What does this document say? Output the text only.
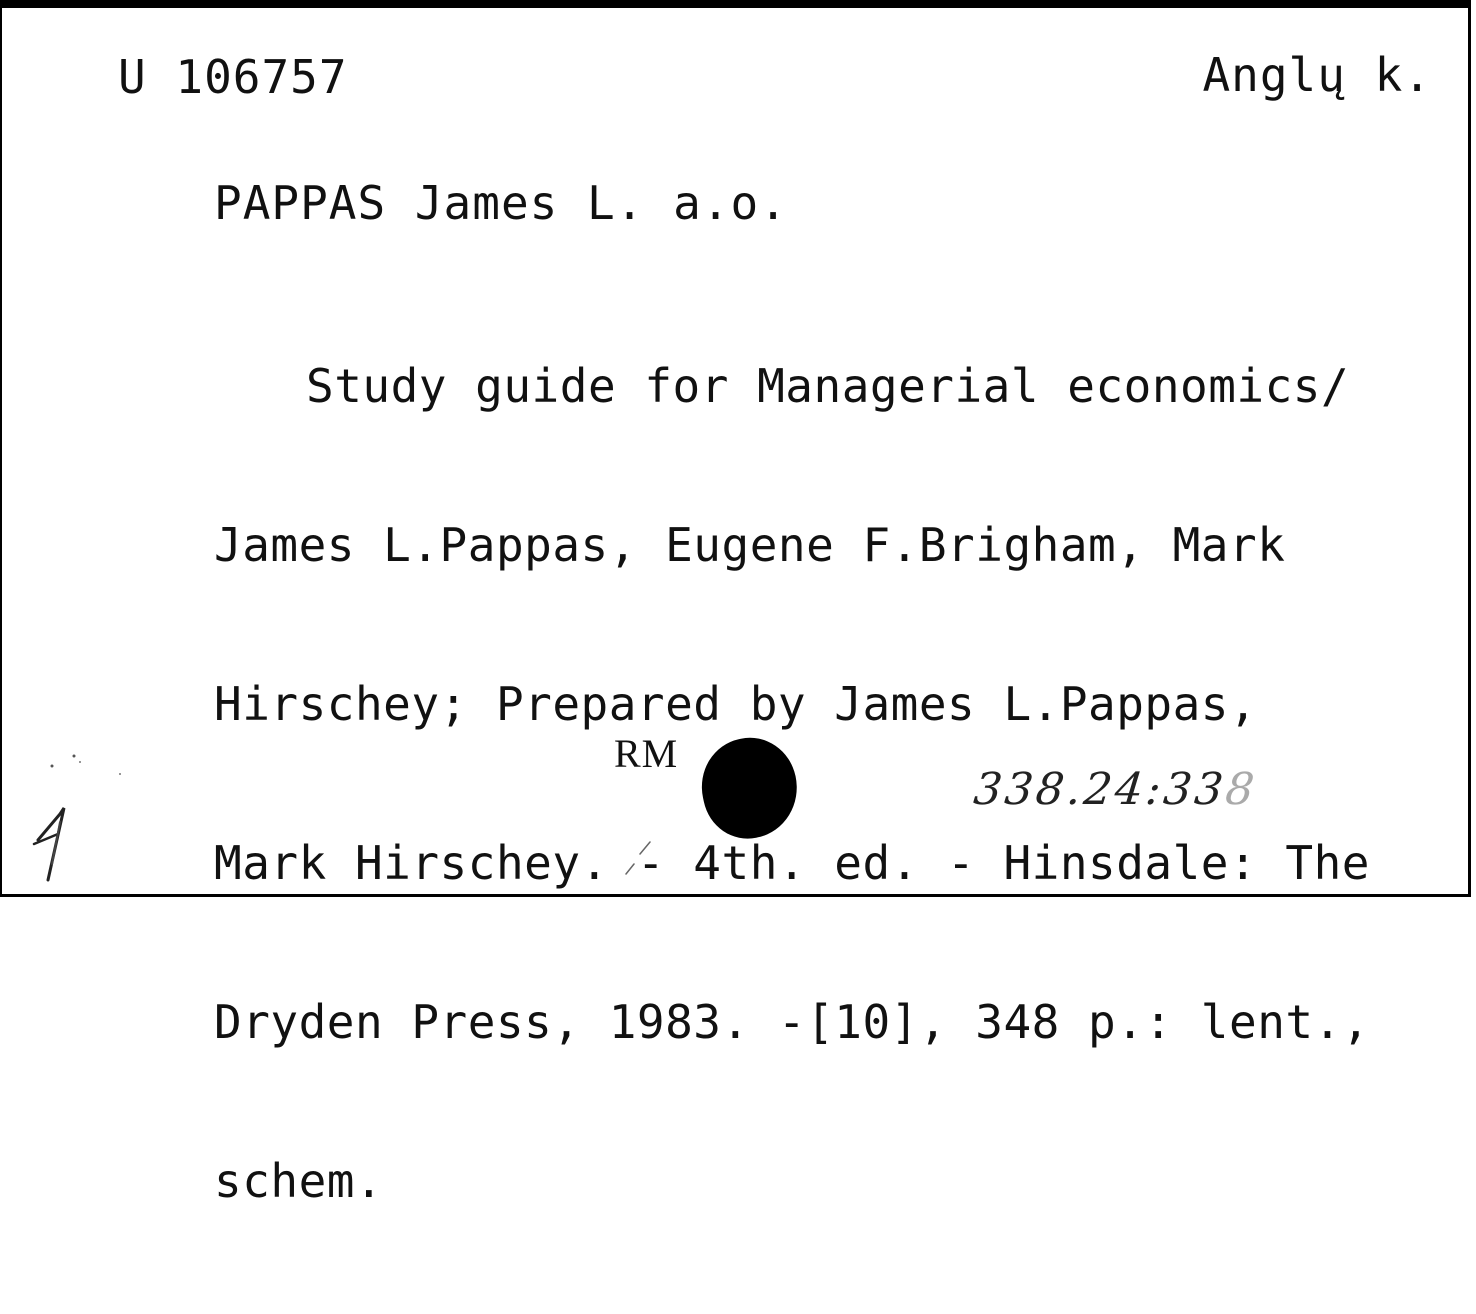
U 106757	Anglų k.
PAPPAS James L. a.o.

Study guide for Managerial economics/

James L.Pappas, Eugene F.Brigham, Mark

Hirschey; Prepared by James L.Pappas,

Mark Hirschey. - 4th. ed. - Hinsdale: The

Dryden Press, 1983. -[10], 348 p.: lent.,

schem.

RM
338.24:338
